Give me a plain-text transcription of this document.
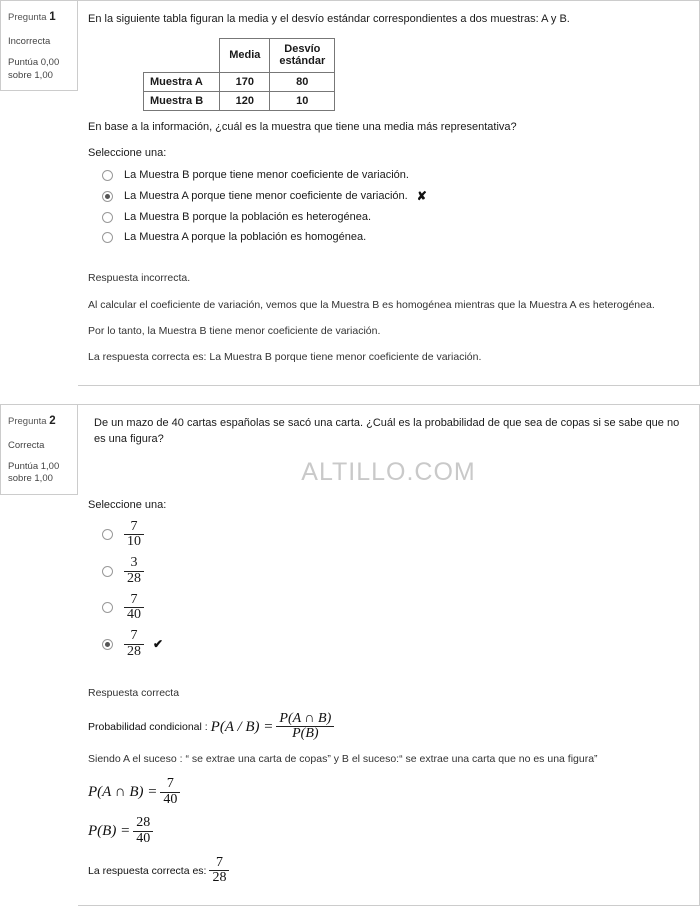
Pregunta 1
Incorrecta
Puntúa 0,00
sobre 1,00
En la siguiente tabla figuran la media y el desvío estándar correspondientes a dos muestras: A y B.
	Media	Desvío
estándar
Muestra A	170	80
Muestra B	120	10
En base a la información, ¿cuál es la muestra que tiene una media más representativa?
Seleccione una:
La Muestra B porque tiene menor coeficiente de variación.
La Muestra A porque tiene menor coeficiente de variación. ✘
La Muestra B porque la población es heterogénea.
La Muestra A porque la población es homogénea.

Respuesta incorrecta.

Al calcular el coeficiente de variación, vemos que la Muestra B es homogénea mientras que la Muestra A es heterogénea.

Por lo tanto, la Muestra B tiene menor coeficiente de variación.

La respuesta correcta es: La Muestra B porque tiene menor coeficiente de variación.

Pregunta 2
Correcta
Puntúa 1,00
sobre 1,00
De un mazo de 40 cartas españolas se sacó una carta. ¿Cuál es la probabilidad de que sea de copas si se sabe que no es una figura?
ALTILLO.COM
Seleccione una:
$\frac{7}{10}$
$\frac{3}{28}$
$\frac{7}{40}$
$\frac{7}{28}$ ✔

Respuesta correcta

Probabilidad condicional : $P(A / B) = \frac{P(A \cap B)}{P(B)}$

Siendo A el suceso : “ se extrae una carta de copas” y B el suceso:“ se extrae una carta que no es una figura”

P(A ∩ $B) = \frac{7}{40}$
$P(B) = \frac{28}{40}$
La respuesta correcta es: $\frac{7}{28}$
